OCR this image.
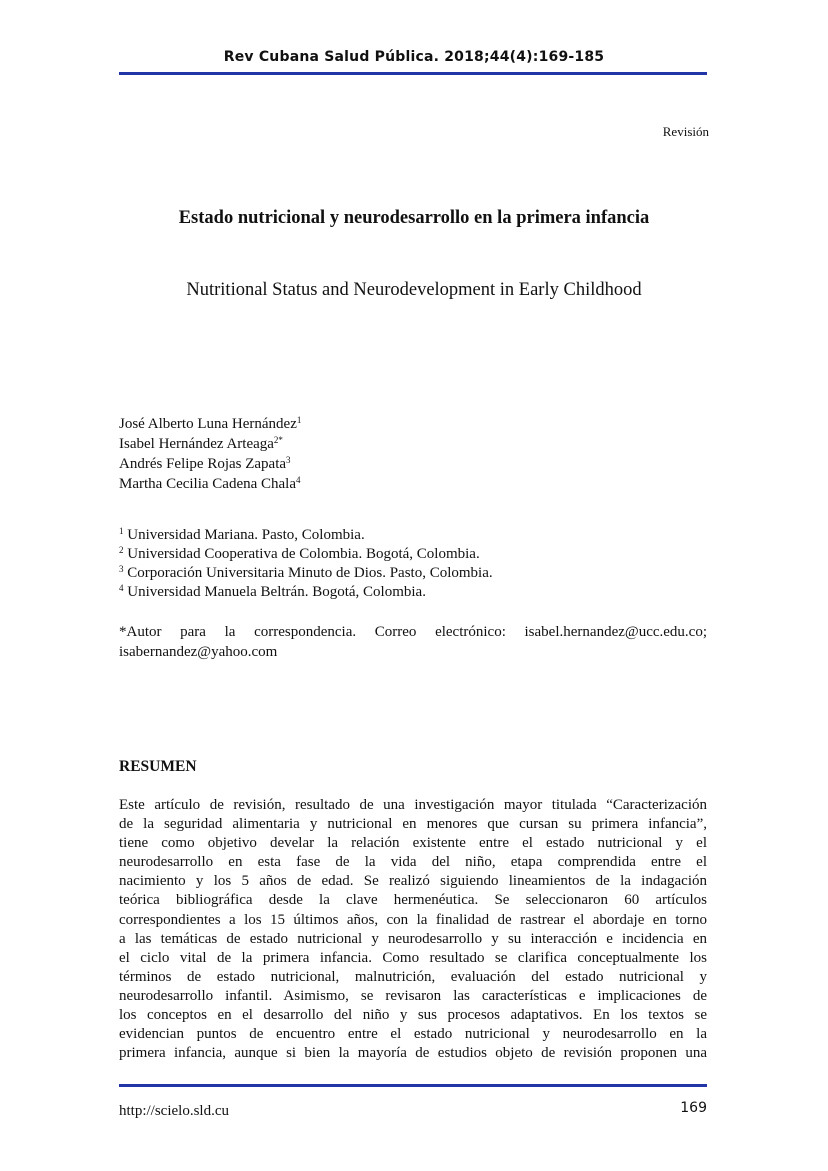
Rev Cubana Salud Pública. 2018;44(4):169-185
Revisión
Estado nutricional y neurodesarrollo en la primera infancia
Nutritional Status and Neurodevelopment in Early Childhood
José Alberto Luna Hernández$^1$
Isabel Hernández Arteaga$^{2*}$
Andrés Felipe Rojas Zapata$^3$
Martha Cecilia Cadena Chala$^4$
$^1$ Universidad Mariana. Pasto, Colombia.
$^2$ Universidad Cooperativa de Colombia. Bogotá, Colombia.
$^3$ Corporación Universitaria Minuto de Dios. Pasto, Colombia.
$^4$ Universidad Manuela Beltrán. Bogotá, Colombia.
*Autor para la correspondencia. Correo electrónico: isabel.hernandez@ucc.edu.co;
isabernandez@yahoo.com
RESUMEN
Este artículo de revisión, resultado de una investigación mayor titulada “Caracterización
de la seguridad alimentaria y nutricional en menores que cursan su primera infancia”,
tiene como objetivo develar la relación existente entre el estado nutricional y el
neurodesarrollo en esta fase de la vida del niño, etapa comprendida entre el
nacimiento y los 5 años de edad. Se realizó siguiendo lineamientos de la indagación
teórica bibliográfica desde la clave hermenéutica. Se seleccionaron 60 artículos
correspondientes a los 15 últimos años, con la finalidad de rastrear el abordaje en torno
a las temáticas de estado nutricional y neurodesarrollo y su interacción e incidencia en
el ciclo vital de la primera infancia. Como resultado se clarifica conceptualmente los
términos de estado nutricional, malnutrición, evaluación del estado nutricional y
neurodesarrollo infantil. Asimismo, se revisaron las características e implicaciones de
los conceptos en el desarrollo del niño y sus procesos adaptativos. En los textos se
evidencian puntos de encuentro entre el estado nutricional y neurodesarrollo en la
primera infancia, aunque si bien la mayoría de estudios objeto de revisión proponen una
http://scielo.sld.cu	169
